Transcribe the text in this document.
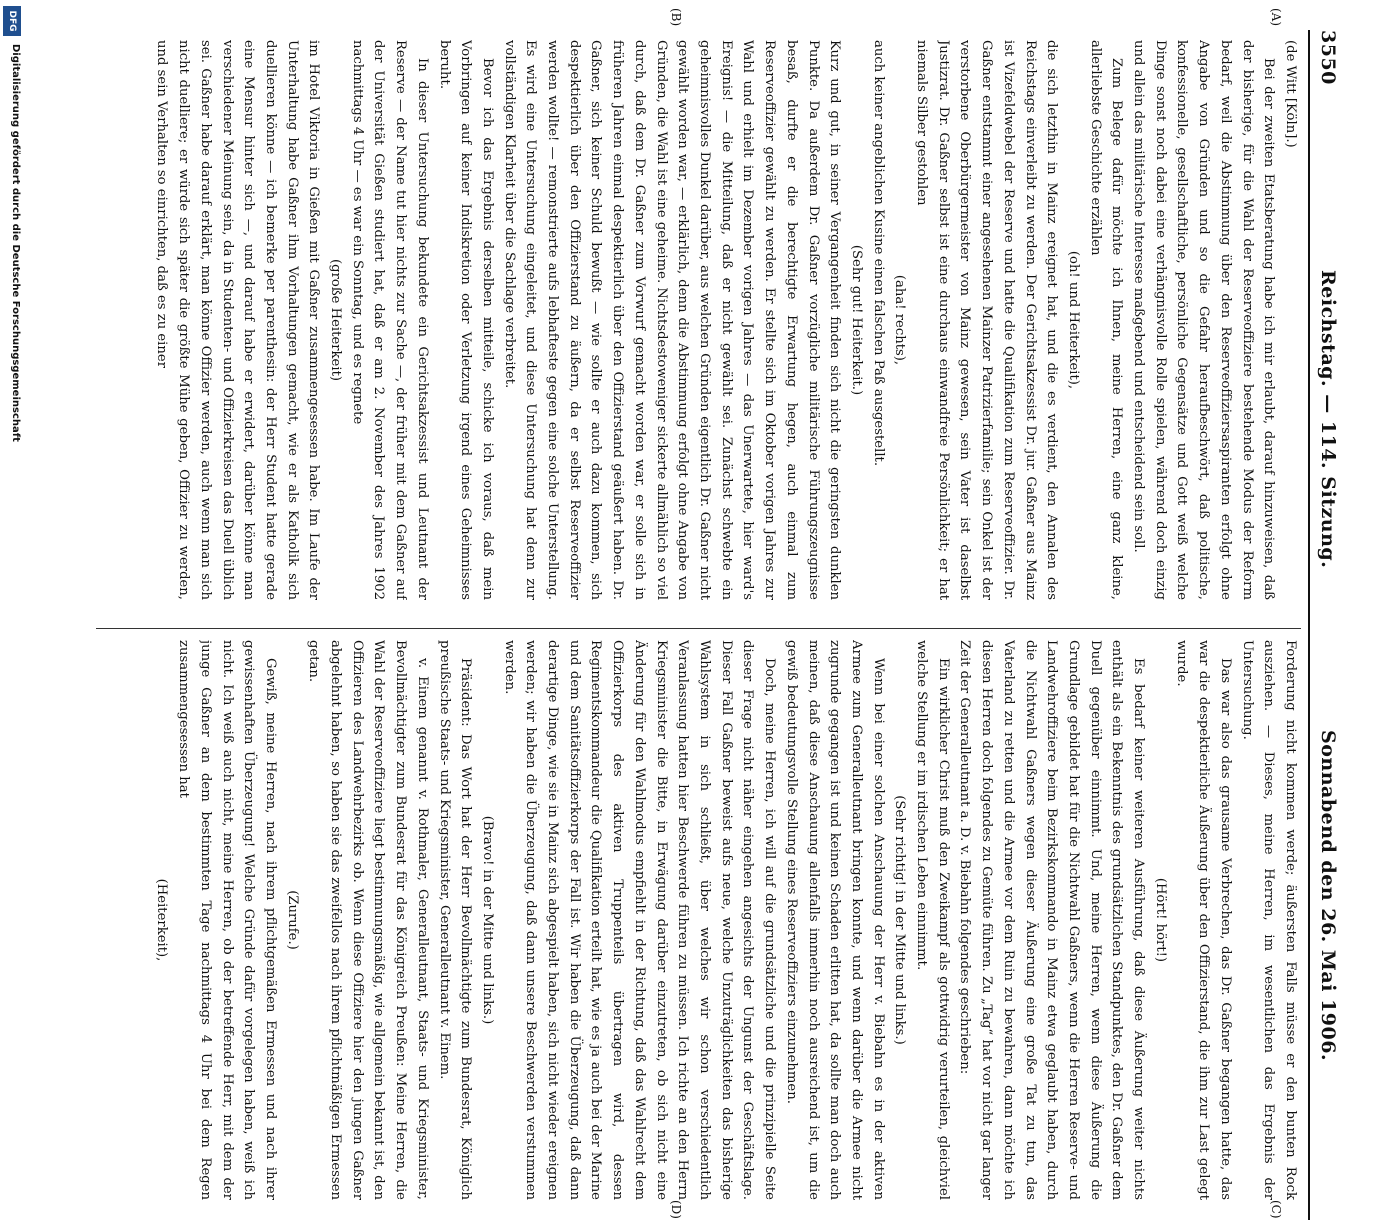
3550
Reichstag. — 114. Sitzung.
Sonnabend den 26. Mai 1906.
(A)
(B)
(C)
(D)

(de Witt [Köln].)

Bei der zweiten Etatsberatung habe ich mir erlaubt, darauf hinzuweisen, daß der bisherige, für die Wahl der Reserveoffiziere bestehende Modus der Reform bedarf, weil die Abstimmung über den Reserveoffiziersaspiranten erfolgt ohne Angabe von Gründen und so die Gefahr heraufbeschwört, daß politische, konfessionelle, gesellschaftliche, persönliche Gegensätze und Gott weiß welche Dinge sonst noch dabei eine verhängnisvolle Rolle spielen, während doch einzig und allein das militärische Interesse maßgebend und entscheidend sein soll.

Zum Belege dafür möchte ich Ihnen, meine Herren, eine ganz kleine, allerliebste Geschichte erzählen

(oh! und Heiterkeit),

die sich letzthin in Mainz ereignet hat, und die es verdient, den Annalen des Reichstags einverleibt zu werden. Der Gerichtsakzessist Dr. jur. Gaßner aus Mainz ist Vizefeldwebel der Reserve und hatte die Qualifikation zum Reserveoffizier. Dr. Gaßner entstammt einer angesehenen Mainzer Patrizierfamilie; sein Onkel ist der verstorbene Oberbürgermeister von Mainz gewesen, sein Vater ist daselbst Justizrat. Dr. Gaßner selbst ist eine durchaus einwandfreie Persönlichkeit; er hat niemals Silber gestohlen

(aha! rechts),

auch keiner angeblichen Kusine einen falschen Paß ausgestellt.

(Sehr gut! Heiterkeit.)

Kurz und gut, in seiner Vergangenheit finden sich nicht die geringsten dunklen Punkte. Da außerdem Dr. Gaßner vorzügliche militärische Führungszeugnisse besaß, durfte er die berechtigte Erwartung hegen, auch einmal zum Reserveoffizier gewählt zu werden. Er stellte sich im Oktober vorigen Jahres zur Wahl und erhielt im Dezember vorigen Jahres — das Unerwartete, hier ward's Ereignis! — die Mitteilung, daß er nicht gewählt sei. Zunächst schwebte ein geheimnisvolles Dunkel darüber, aus welchen Gründen eigentlich Dr. Gaßner nicht gewählt worden war, — erklärlich, denn die Abstimmung erfolgt ohne Angabe von Gründen, die Wahl ist eine geheime. Nichtsdestoweniger sickerte allmählich so viel durch, daß dem Dr. Gaßner zum Vorwurf gemacht worden war, er solle sich in früheren Jahren einmal despektierlich über den Offizierstand geäußert haben. Dr. Gaßner, sich keiner Schuld bewußt — wie sollte er auch dazu kommen, sich despektierlich über den Offizierstand zu äußern, da er selbst Reserveoffizier werden wollte! — remonstrierte aufs lebhafteste gegen eine solche Unterstellung. Es wird eine Untersuchung eingeleitet, und diese Untersuchung hat denn zur vollständigen Klarheit über die Sachlage verbreitet.

Bevor ich das Ergebnis derselben mitteile, schicke ich voraus, daß mein Vorbringen auf keiner Indiskretion oder Verletzung irgend eines Geheimnisses beruht.

In dieser Untersuchung bekundete ein Gerichtsakzessist und Leutnant der Reserve — der Name tut hier nichts zur Sache —, der früher mit dem Gaßner auf der Universität Gießen studiert hat, daß er am 2. November des Jahres 1902 nachmittags 4 Uhr — es war ein Sonntag, und es regnete

(große Heiterkeit)

im Hotel Viktoria in Gießen mit Gaßner zusammengesessen habe. Im Laufe der Unterhaltung habe Gaßner ihm Vorhaltungen gemacht, wie er als Katholik sich duellieren könne — ich bemerke per parenthesin: der Herr Student hatte gerade eine Mensur hinter sich —, und darauf habe er erwidert, darüber könne man verschiedener Meinung sein, da in Studenten- und Offizierkreisen das Duell üblich sei. Gaßner habe darauf erklärt, man könne Offizier werden, auch wenn man sich nicht duelliere; er würde sich später die größte Mühe geben, Offizier zu werden, und sein Verhalten so einrichten, daß es zu einer

Forderung nicht kommen werde; äußersten Falls müsse er den bunten Rock ausziehen. — Dieses, meine Herren, im wesentlichen das Ergebnis der Untersuchung.

Das war also das grausame Verbrechen, das Dr. Gaßner begangen hatte, das war die despektierliche Äußerung über den Offizierstand, die ihm zur Last gelegt wurde.

(Hört! hört!)

Es bedarf keiner weiteren Ausführung, daß diese Äußerung weiter nichts enthält als ein Bekenntnis des grundsätzlichen Standpunktes, den Dr. Gaßner dem Duell gegenüber einnimmt. Und, meine Herren, wenn diese Äußerung die Grundlage gebildet hat für die Nichtwahl Gaßners, wenn die Herren Reserve- und Landwehroffiziere beim Bezirkskommando in Mainz etwa geglaubt haben, durch die Nichtwahl Gaßners wegen dieser Äußerung eine große Tat zu tun, das Vaterland zu retten und die Armee vor dem Ruin zu bewahren, dann möchte ich diesen Herren doch folgendes zu Gemüte führen. Zu „Tag“ hat vor nicht gar langer Zeit der Generalleutnant a. D. v. Biebahn folgendes geschrieben:

Ein wirklicher Christ muß den Zweikampf als gottwidrig verurteilen, gleichviel welche Stellung er im irdischen Leben einnimmt.

(Sehr richtig! in der Mitte und links.)

Wenn bei einer solchen Anschauung der Herr v. Biebahn es in der aktiven Armee zum Generalleutnant bringen konnte, und wenn darüber die Armee nicht zugrunde gegangen ist und keinen Schaden erlitten hat, da sollte man doch auch meinen, daß diese Anschauung allenfalls immerhin noch ausreichend ist, um die gewiß bedeutungsvolle Stellung eines Reserveoffiziers einzunehmen.

Doch, meine Herren, ich will auf die grundsätzliche und die prinzipielle Seite dieser Frage nicht näher eingehen angesichts der Ungunst der Geschäftslage. Dieser Fall Gaßner beweist aufs neue, welche Unzuträglichkeiten das bisherige Wahlsystem in sich schließt, über welches wir schon verschiedentlich Veranlassung hatten hier Beschwerde führen zu müssen. Ich richte an den Herrn Kriegsminister die Bitte, in Erwägung darüber einzutreten, ob sich nicht eine Änderung für den Wahlmodus empfiehlt in der Richtung, daß das Wahlrecht dem Offizierkorps des aktiven Truppenteils übertragen wird, dessen Regimentskommandeur die Qualifikation erteilt hat, wie es ja auch bei der Marine und dem Sanitätsoffizierkorps der Fall ist. Wir haben die Überzeugung, daß dann derartige Dinge, wie sie in Mainz sich abgespielt haben, sich nicht wieder ereignen werden; wir haben die Überzeugung, daß dann unsere Beschwerden verstummen werden.

(Bravo! in der Mitte und links.)

Präsident: Das Wort hat der Herr Bevollmächtigte zum Bundesrat, Königlich preußische Staats- und Kriegsminister, Generalleutnant v. Einem.

v. Einem genannt v. Rothmaler, Generalleutnant, Staats- und Kriegsminister, Bevollmächtigter zum Bundesrat für das Königreich Preußen: Meine Herren, die Wahl der Reserveoffiziere liegt bestimmungsmäßig, wie allgemein bekannt ist, den Offizieren des Landwehrbezirks ob. Wenn diese Offiziere hier den jungen Gaßner abgelehnt haben, so haben sie das zweifellos nach ihrem pflichtmäßigen Ermessen getan.

(Zurufe.)

Gewiß, meine Herren, nach ihrem pflichtgemäßen Ermessen und nach ihrer gewissenhaften Überzeugung! Welche Gründe dafür vorgelegen haben, weiß ich nicht. Ich weiß auch nicht, meine Herren, ob der betreffende Herr, mit dem der junge Gaßner an dem bestimmten Tage nachmittags 4 Uhr bei dem Regen zusammengesessen hat

(Heiterkeit),

DFG
Digitalisierung gefördert durch die Deutsche Forschungsgemeinschaft
